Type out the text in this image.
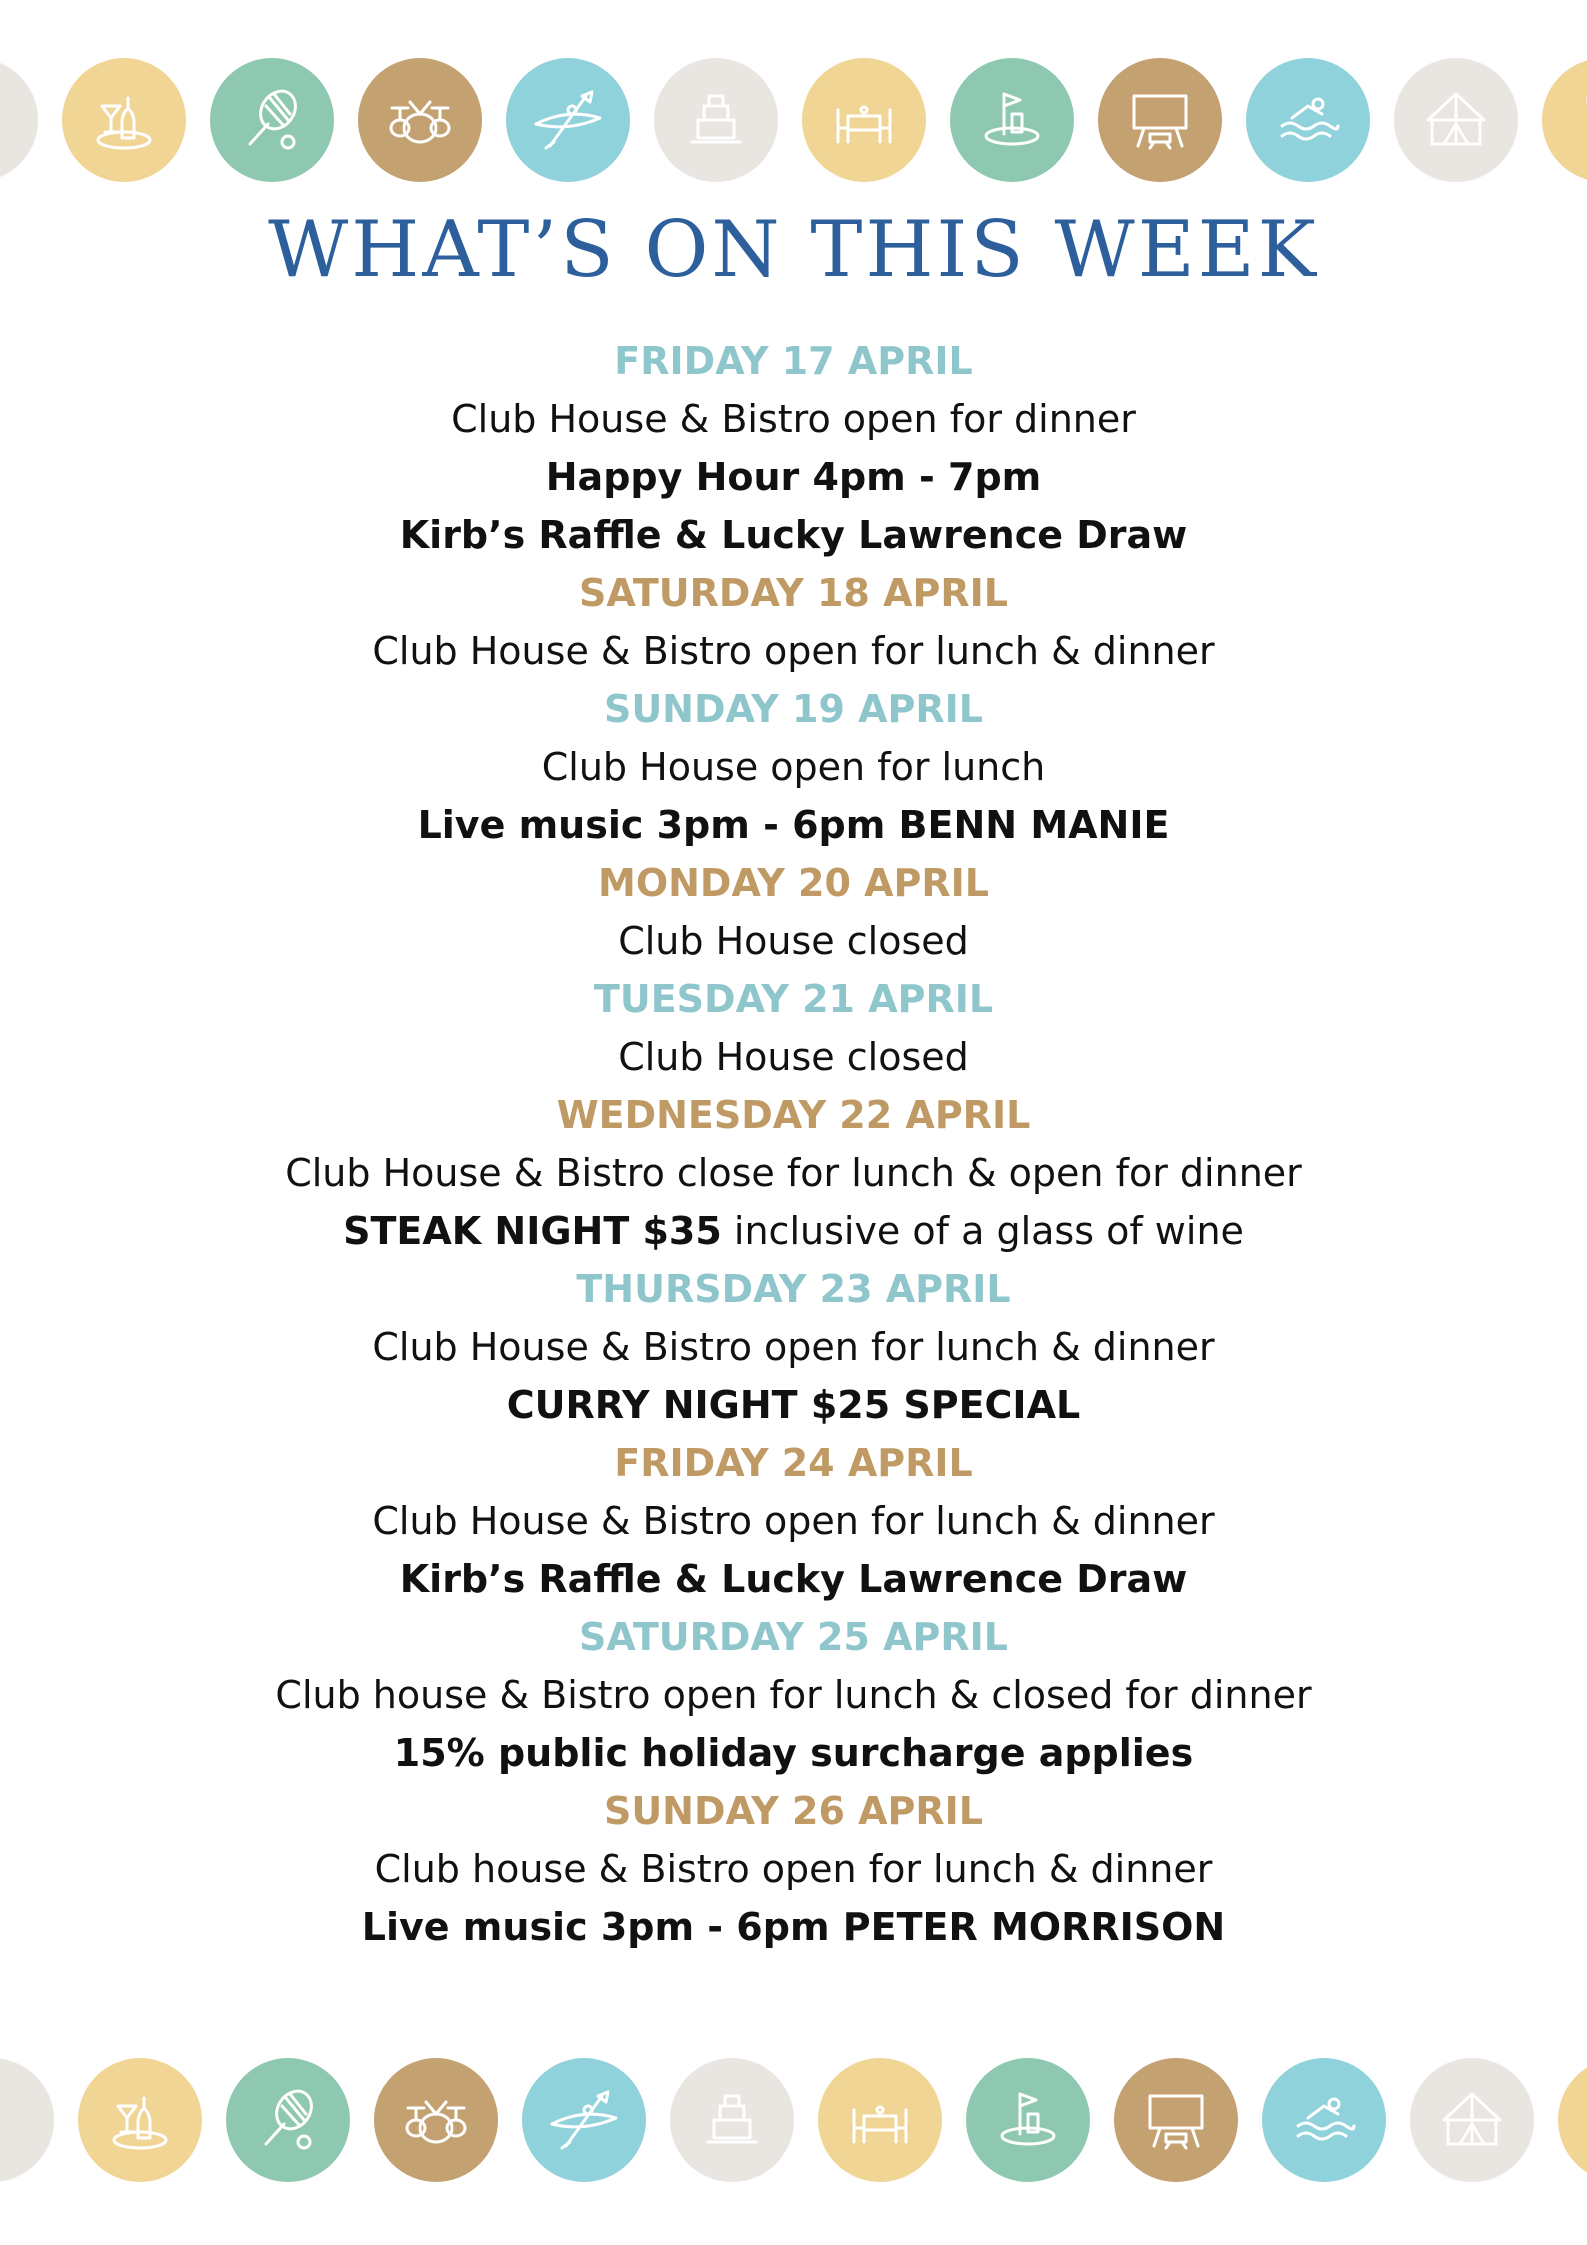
WHAT’S ON THIS WEEK
FRIDAY 17 APRIL
Club House & Bistro open for dinner
Happy Hour 4pm - 7pm
Kirb’s Raffle & Lucky Lawrence Draw
SATURDAY 18 APRIL
Club House & Bistro open for lunch & dinner
SUNDAY 19 APRIL
Club House open for lunch
Live music 3pm - 6pm BENN MANIE
MONDAY 20 APRIL
Club House closed
TUESDAY 21 APRIL
Club House closed
WEDNESDAY 22 APRIL
Club House & Bistro close for lunch & open for dinner
STEAK NIGHT $35 inclusive of a glass of wine
THURSDAY 23 APRIL
Club House & Bistro open for lunch & dinner
CURRY NIGHT $25 SPECIAL
FRIDAY 24 APRIL
Club House & Bistro open for lunch & dinner
Kirb’s Raffle & Lucky Lawrence Draw
SATURDAY 25 APRIL
Club house & Bistro open for lunch & closed for dinner
15% public holiday surcharge applies
SUNDAY 26 APRIL
Club house & Bistro open for lunch & dinner
Live music 3pm - 6pm PETER MORRISON
